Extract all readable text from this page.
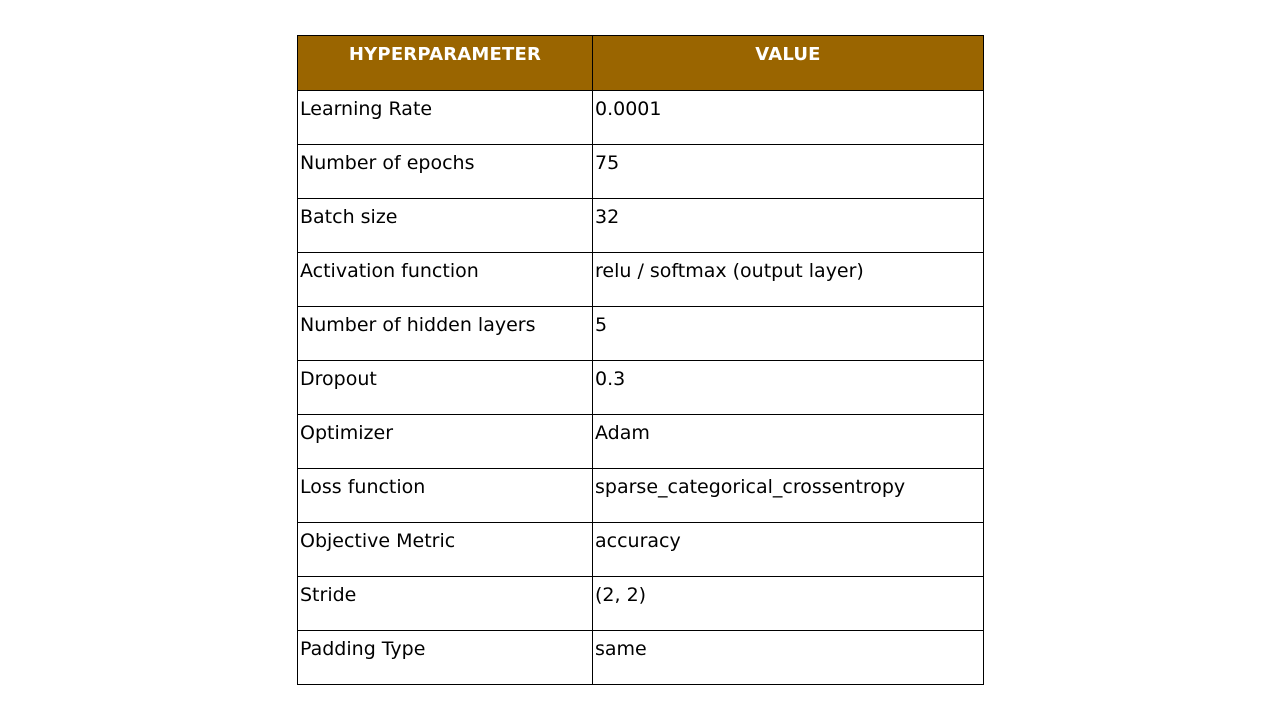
HYPERPARAMETER	VALUE
Learning Rate	0.0001
Number of epochs	75
Batch size	32
Activation function	relu / softmax (output layer)
Number of hidden layers	5
Dropout	0.3
Optimizer	Adam
Loss function	sparse_categorical_crossentropy
Objective Metric	accuracy
Stride	(2, 2)
Padding Type	same
